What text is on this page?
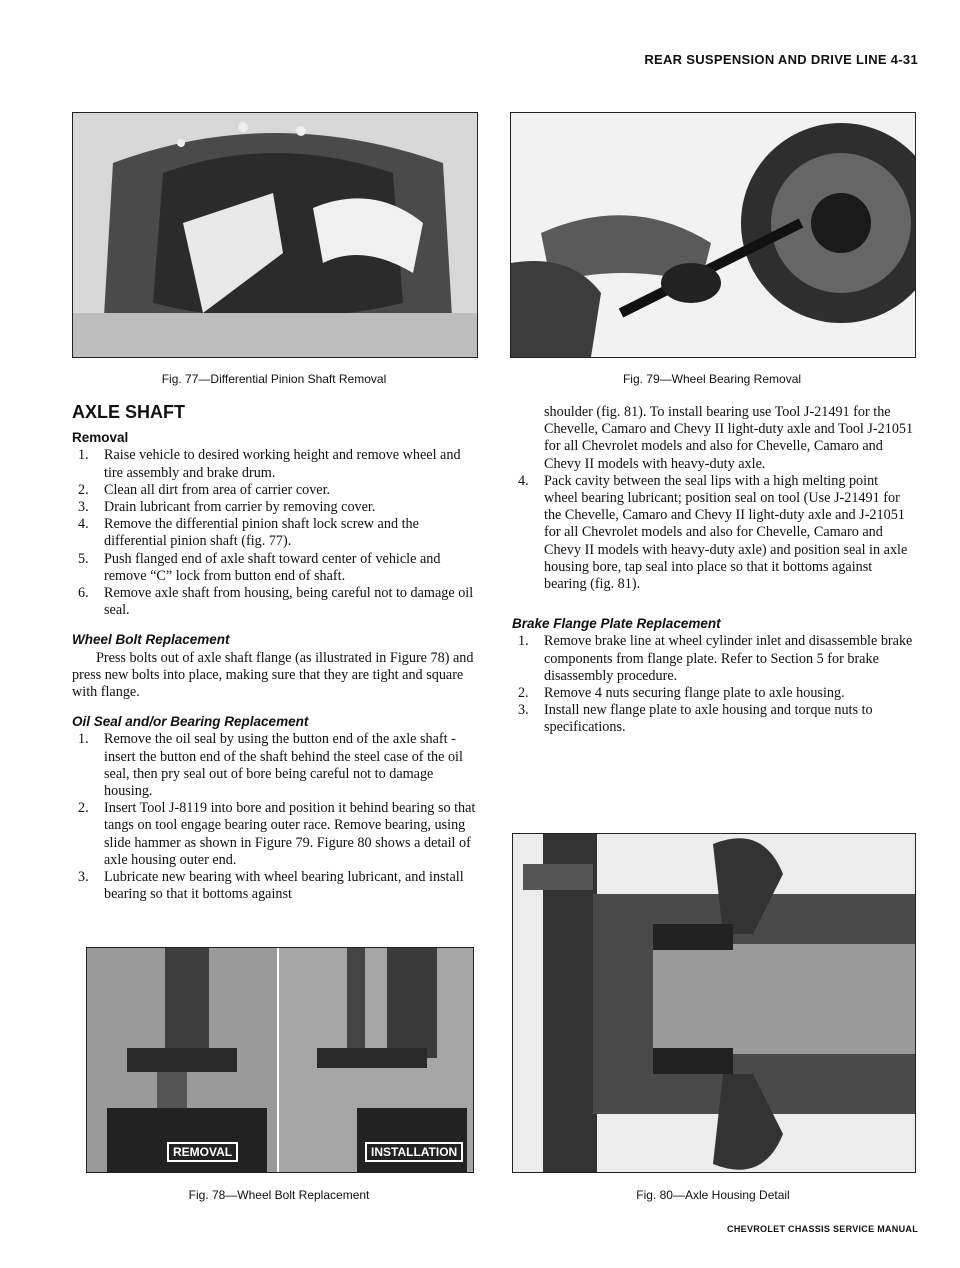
REAR SUSPENSION AND DRIVE LINE 4-31
Fig. 77—Differential Pinion Shaft Removal	Fig. 79—Wheel Bearing Removal
AXLE SHAFT
Removal
1. Raise vehicle to desired working height and remove wheel and tire assembly and brake drum.
2. Clean all dirt from area of carrier cover.
3. Drain lubricant from carrier by removing cover.
4. Remove the differential pinion shaft lock screw and the differential pinion shaft (fig. 77).
5. Push flanged end of axle shaft toward center of vehicle and remove “C” lock from button end of shaft.
6. Remove axle shaft from housing, being careful not to damage oil seal.
Wheel Bolt Replacement

Press bolts out of axle shaft flange (as illustrated in Figure 78) and press new bolts into place, making sure that they are tight and square with flange.

Oil Seal and/or Bearing Replacement
1. Remove the oil seal by using the button end of the axle shaft - insert the button end of the shaft behind the steel case of the oil seal, then pry seal out of bore being careful not to damage housing.
2. Insert Tool J-8119 into bore and position it behind bearing so that tangs on tool engage bearing outer race. Remove bearing, using slide hammer as shown in Figure 79. Figure 80 shows a detail of axle housing outer end.
3. Lubricate new bearing with wheel bearing lubricant, and install bearing so that it bottoms against

shoulder (fig. 81). To install bearing use Tool J-21491 for the Chevelle, Camaro and Chevy II light-duty axle and Tool J-21051 for all Chevrolet models and also for Chevelle, Camaro and Chevy II models with heavy-duty axle.

4. Pack cavity between the seal lips with a high melting point wheel bearing lubricant; position seal on tool (Use J-21491 for the Chevelle, Camaro and Chevy II light-duty axle and J-21051 for all Chevrolet models and also for Chevelle, Camaro and Chevy II models with heavy-duty axle) and position seal in axle housing bore, tap seal into place so that it bottoms against bearing (fig. 81).
Brake Flange Plate Replacement
1. Remove brake line at wheel cylinder inlet and disassemble brake components from flange plate. Refer to Section 5 for brake disassembly procedure.
2. Remove 4 nuts securing flange plate to axle housing.
3. Install new flange plate to axle housing and torque nuts to specifications.
REMOVAL	INSTALLATION
Fig. 78—Wheel Bolt Replacement	Fig. 80—Axle Housing Detail
CHEVROLET CHASSIS SERVICE MANUAL
